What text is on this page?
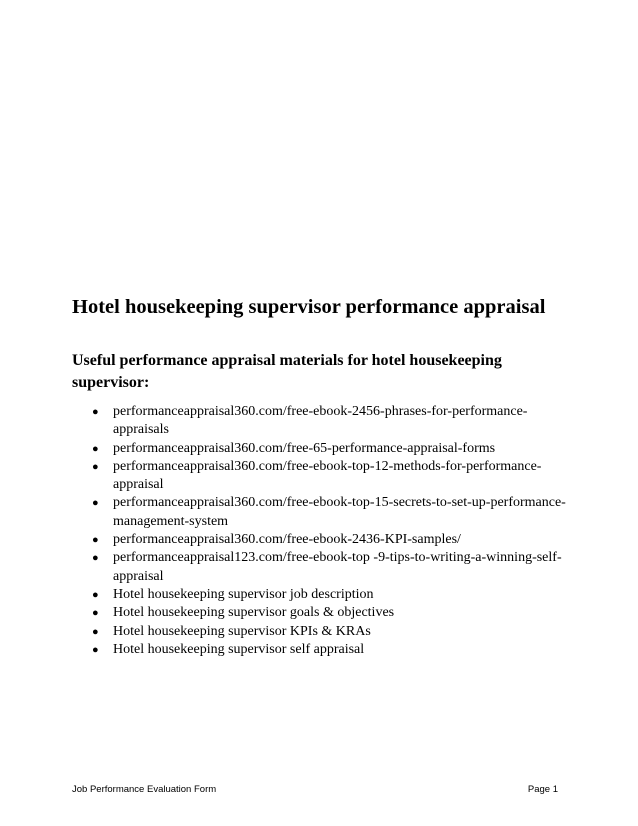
Hotel housekeeping supervisor performance appraisal

Useful performance appraisal materials for hotel housekeeping supervisor:

● performanceappraisal360.com/free-ebook-2456-phrases-for-performance-appraisals
● performanceappraisal360.com/free-65-performance-appraisal-forms
● performanceappraisal360.com/free-ebook-top-12-methods-for-performance-appraisal
● performanceappraisal360.com/free-ebook-top-15-secrets-to-set-up-performance-management-system
● performanceappraisal360.com/free-ebook-2436-KPI-samples/
● performanceappraisal123.com/free-ebook-top -9-tips-to-writing-a-winning-self-appraisal
● Hotel housekeeping supervisor job description
● Hotel housekeeping supervisor goals & objectives
● Hotel housekeeping supervisor KPIs & KRAs
● Hotel housekeeping supervisor self appraisal
Job Performance Evaluation Form	Page 1
